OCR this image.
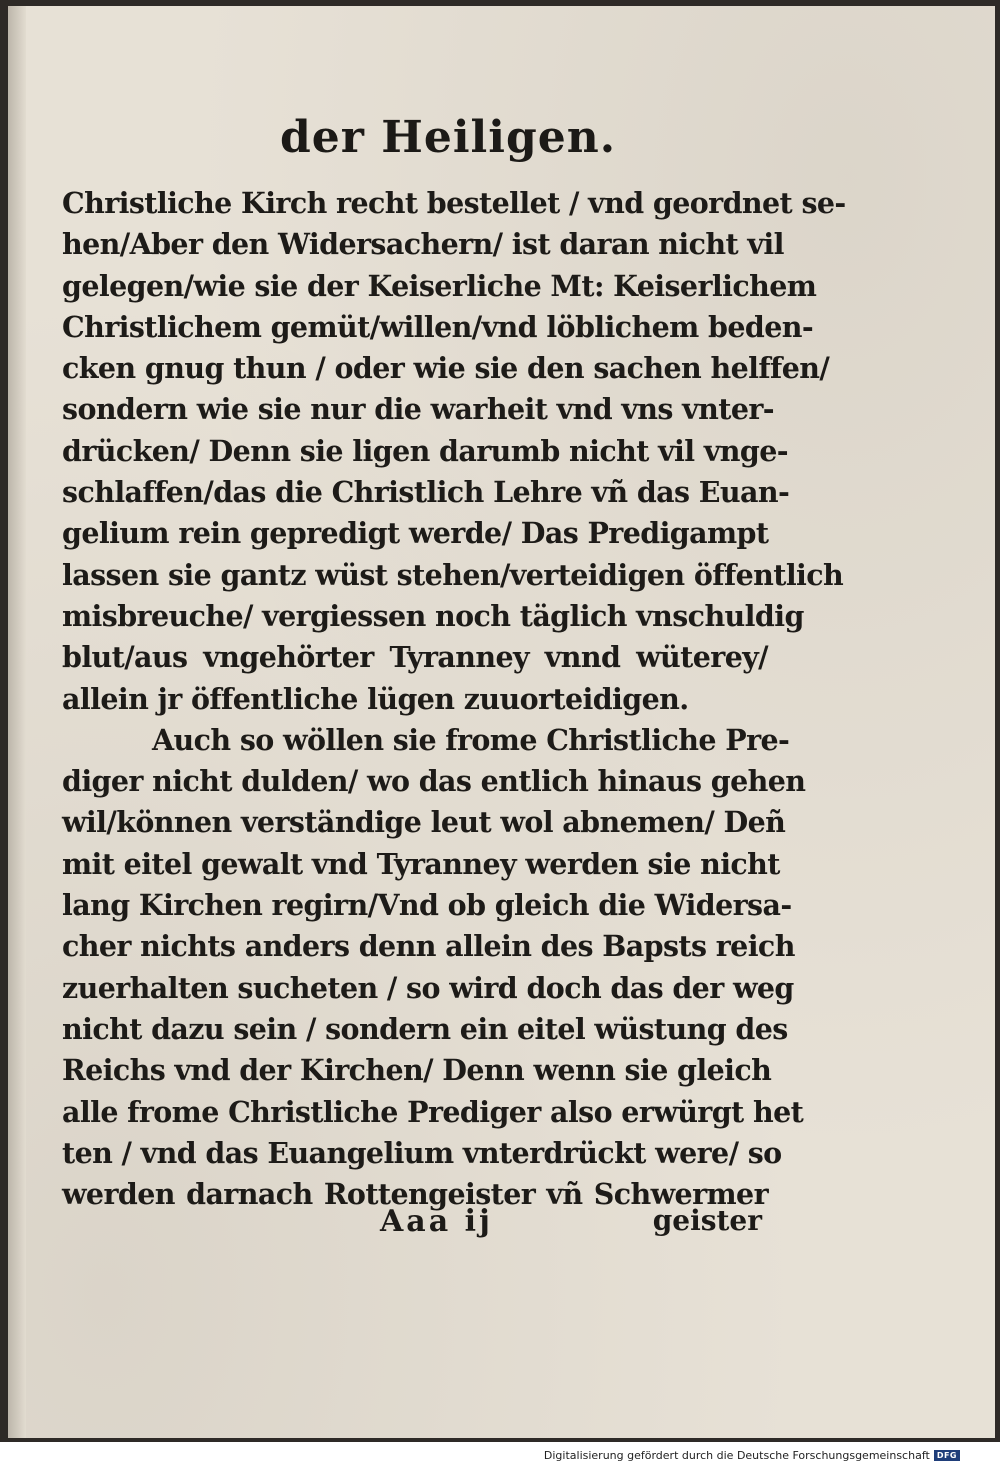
der Heiligen.
Christliche Kirch recht bestellet / vnd geordnet se-
hen/Aber den Widersachern/ ist daran nicht vil
gelegen/wie sie der Keiserliche Mt: Keiserlichem
Christlichem gemüt/willen/vnd löblichem beden-
cken gnug thun / oder wie sie den sachen helffen/
sondern wie sie nur die warheit vnd vns vnter-
drücken/ Denn sie ligen darumb nicht vil vnge-
schlaffen/das die Christlich Lehre vñ das Euan-
gelium rein gepredigt werde/ Das Predigampt
lassen sie gantz wüst stehen/verteidigen öffentlich
misbreuche/ vergiessen noch täglich vnschuldig
blut/aus vngehörter Tyranney vnnd wüterey/
allein jr öffentliche lügen zuuorteidigen.
Auch so wöllen sie frome Christliche Pre-
diger nicht dulden/ wo das entlich hinaus gehen
wil/können verständige leut wol abnemen/ Deñ
mit eitel gewalt vnd Tyranney werden sie nicht
lang Kirchen regirn/Vnd ob gleich die Widersa-
cher nichts anders denn allein des Bapsts reich
zuerhalten sucheten / so wird doch das der weg
nicht dazu sein / sondern ein eitel wüstung des
Reichs vnd der Kirchen/ Denn wenn sie gleich
alle frome Christliche Prediger also erwürgt het
ten / vnd das Euangelium vnterdrückt were/ so
werden darnach Rottengeister vñ Schwermer
Aaa ij	geister
Digitalisierung gefördert durch die Deutsche Forschungsgemeinschaft DFG
